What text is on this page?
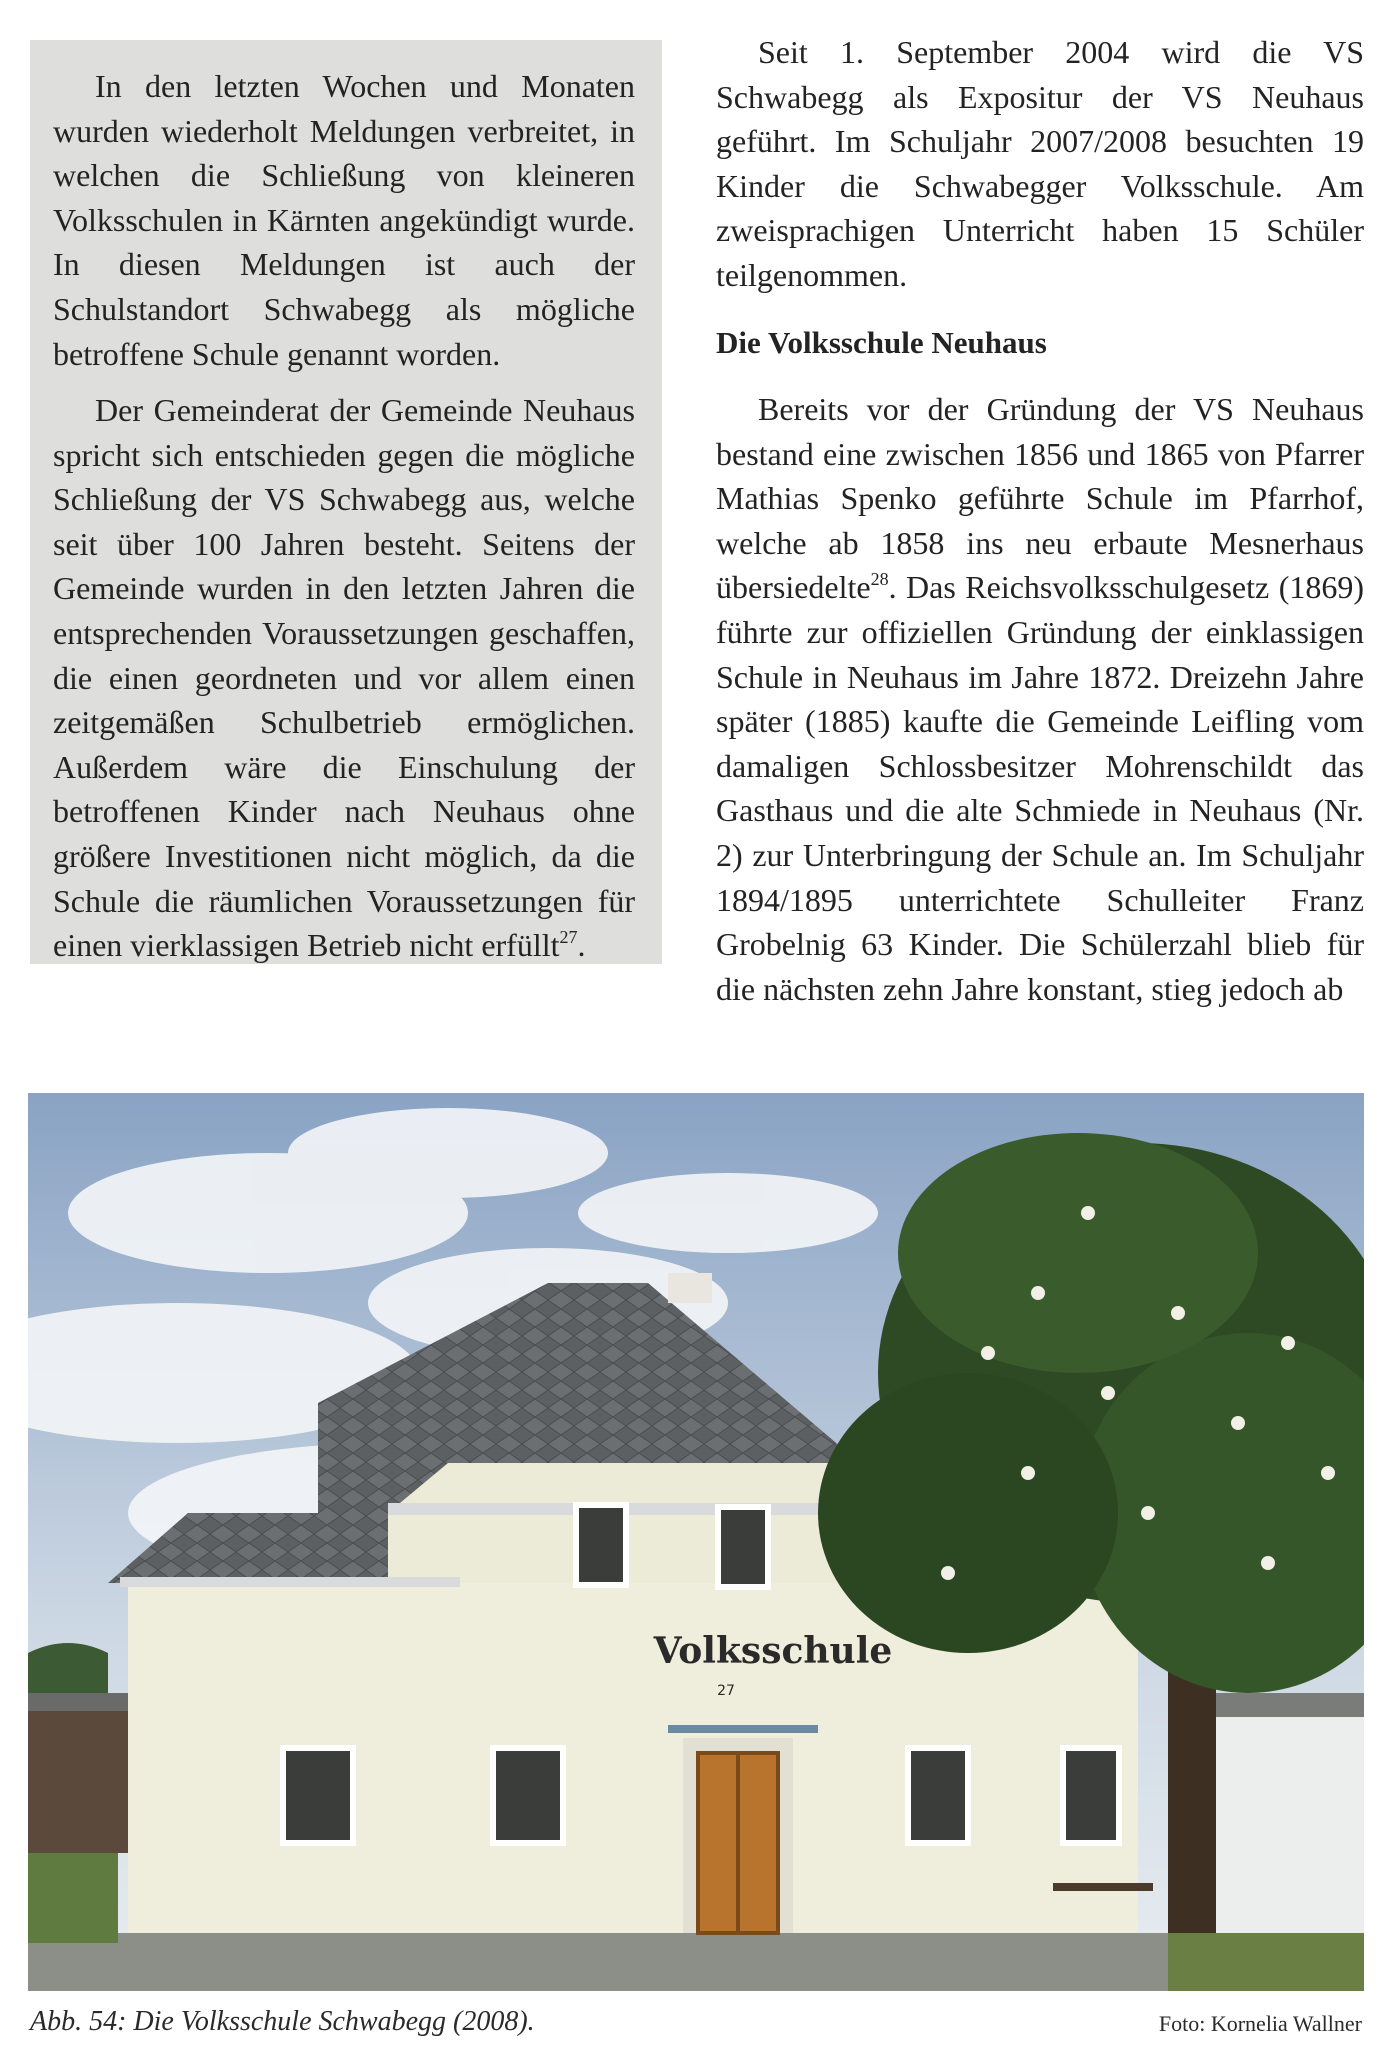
In den letzten Wochen und Monaten wurden wiederholt Meldungen verbreitet, in welchen die Schließung von kleineren Volksschulen in Kärnten angekündigt wurde. In diesen Meldungen ist auch der Schulstandort Schwabegg als mögliche betroffene Schule genannt worden.

Der Gemeinderat der Gemeinde Neuhaus spricht sich entschieden gegen die mögliche Schließung der VS Schwabegg aus, welche seit über 100 Jahren besteht. Seitens der Gemeinde wurden in den letzten Jahren die entsprechenden Voraussetzungen geschaffen, die einen geordneten und vor allem einen zeitgemäßen Schulbetrieb ermöglichen. Außerdem wäre die Einschulung der betroffenen Kinder nach Neuhaus ohne größere Investitionen nicht möglich, da die Schule die räumlichen Voraussetzungen für einen vierklassigen Betrieb nicht erfüllt$^{27}$.

Seit 1. September 2004 wird die VS Schwabegg als Expositur der VS Neuhaus geführt. Im Schuljahr 2007/2008 besuchten 19 Kinder die Schwabegger Volksschule. Am zweisprachigen Unterricht haben 15 Schüler teilgenommen.

Die Volksschule Neuhaus

Bereits vor der Gründung der VS Neuhaus bestand eine zwischen 1856 und 1865 von Pfarrer Mathias Spenko geführte Schule im Pfarrhof, welche ab 1858 ins neu erbaute Mesnerhaus übersiedelte$^{28}$. Das Reichsvolksschulgesetz (1869) führte zur offiziellen Gründung der einklassigen Schule in Neuhaus im Jahre 1872. Dreizehn Jahre später (1885) kaufte die Gemeinde Leifling vom damaligen Schlossbesitzer Mohrenschildt das Gasthaus und die alte Schmiede in Neuhaus (Nr. 2) zur Unterbringung der Schule an. Im Schuljahr 1894/1895 unterrichtete Schulleiter Franz Grobelnig 63 Kinder. Die Schülerzahl blieb für die nächsten zehn Jahre konstant, stieg jedoch ab

Volksschule
27
Abb. 54: Die Volksschule Schwabegg (2008).	Foto: Kornelia Wallner
